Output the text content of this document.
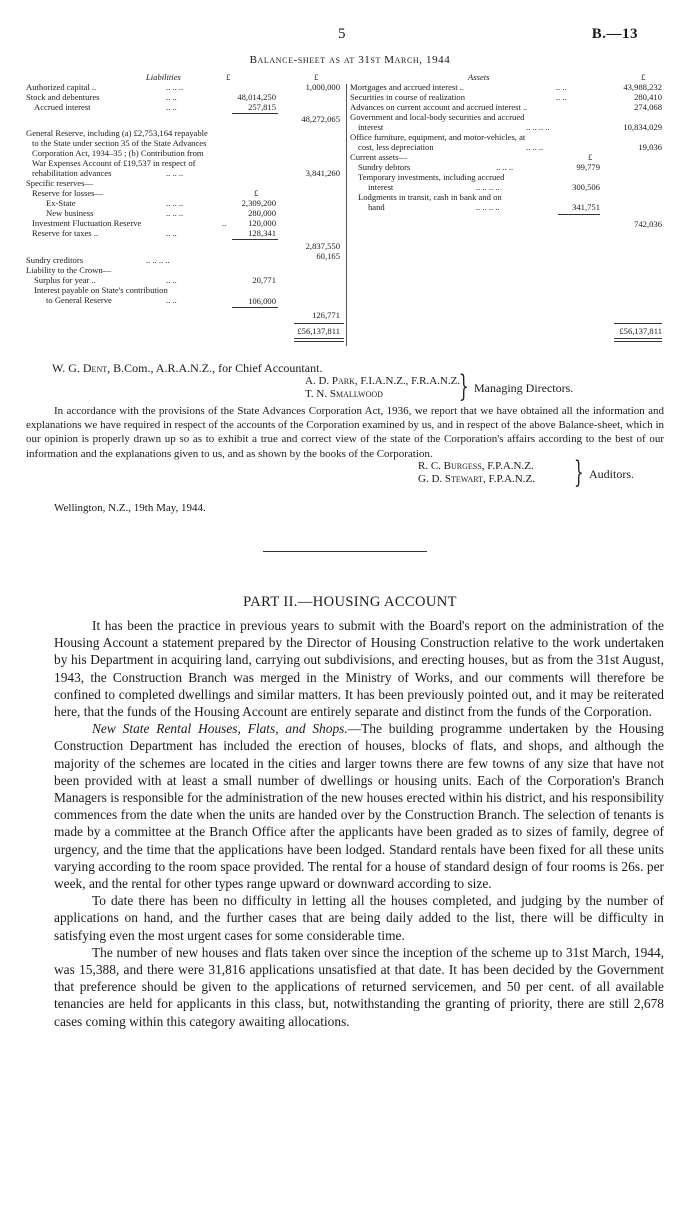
5	B.—13
Balance-sheet as at 31st March, 1944
Liabilities	£	£	Assets	£
Authorized capital ..	.. .. ..	1,000,000
Stock and debentures	.. ..	48,014,250
Accrued interest	.. ..	257,815
48,272,065
General Reserve, including (a) £2,753,164 repayable
to the State under section 35 of the State Advances
Corporation Act, 1934–35 ; (b) Contribution from
War Expenses Account of £19,537 in respect of
rehabilitation advances	.. .. ..	3,841,260
Specific reserves—
Reserve for losses—	£
Ex-State	.. .. ..	2,309,200
New business	.. .. ..	280,000
Investment Fluctuation Reserve	..	120,000
Reserve for taxes ..	.. ..	128,341
2,837,550
Sundry creditors	.. .. .. ..	60,165
Liability to the Crown—
Surplus for year ..	.. ..	20,771
Interest payable on State's contribution
to General Reserve	.. ..	106,000
126,771
£56,137,811
Mortgages and accrued interest ..	.. ..	43,988,232
Securities in course of realization	.. ..	280,410
Advances on current account and accrued interest ..	274,068
Government and local-body securities and accrued
interest	.. .. .. ..	10,834,029
Office furniture, equipment, and motor-vehicles, at
cost, less depreciation	.. .. ..	19,036
Current assets—	£
Sundry debtors	.. .. ..	99,779
Temporary investments, including accrued
interest	.. .. .. ..	300,506
Lodgments in transit, cash in bank and on
hand	.. .. .. ..	341,751
742,036
£56,137,811
W. G. Dent, B.Com., A.R.A.N.Z., for Chief Accountant.
A. D. Park, F.I.A.N.Z., F.R.A.N.Z.
T. N. Smallwood	} Managing Directors.

In accordance with the provisions of the State Advances Corporation Act, 1936, we report that we have obtained all the information and explanations we have required in respect of the accounts of the Corporation examined by us, and in respect of the above Balance-sheet, which in our opinion is properly drawn up so as to exhibit a true and correct view of the state of the Corporation's affairs according to the best of our information and the explanations given to us, and as shown by the books of the Corporation.

R. C. Burgess, F.P.A.N.Z.
G. D. Stewart, F.P.A.N.Z. } Auditors.
Wellington, N.Z., 19th May, 1944.
PART II.—HOUSING ACCOUNT

It has been the practice in previous years to submit with the Board's report on the administration of the Housing Account a statement prepared by the Director of Housing Construction relative to the work undertaken by his Department in acquiring land, carrying out subdivisions, and erecting houses, but as from the 31st August, 1943, the Construction Branch was merged in the Ministry of Works, and our comments will therefore be confined to completed dwellings and similar matters. It has been previously pointed out, and it may be reiterated here, that the funds of the Housing Account are entirely separate and distinct from the funds of the Corporation.

New State Rental Houses, Flats, and Shops.—The building programme undertaken by the Housing Construction Department has included the erection of houses, blocks of flats, and shops, and although the majority of the schemes are located in the cities and larger towns there are few towns of any size that have not been provided with at least a small number of dwellings or housing units. Each of the Corporation's Branch Managers is responsible for the administration of the new houses erected within his district, and his responsibility commences from the date when the units are handed over by the Construction Branch. The selection of tenants is made by a committee at the Branch Office after the applicants have been graded as to sizes of family, degree of urgency, and the time that the applications have been lodged. Standard rentals have been fixed for all these units varying according to the room space provided. The rental for a house of standard design of four rooms is 26s. per week, and the rental for other types range upward or downward according to size.

To date there has been no difficulty in letting all the houses completed, and judging by the number of applications on hand, and the further cases that are being daily added to the list, there will be difficulty in satisfying even the most urgent cases for some considerable time.

The number of new houses and flats taken over since the inception of the scheme up to 31st March, 1944, was 15,388, and there were 31,816 applications unsatisfied at that date. It has been decided by the Government that preference should be given to the applications of returned servicemen, and 50 per cent. of all available tenancies are held for applicants in this class, but, notwithstanding the granting of priority, there are still 2,678 cases coming within this category awaiting allocations.
